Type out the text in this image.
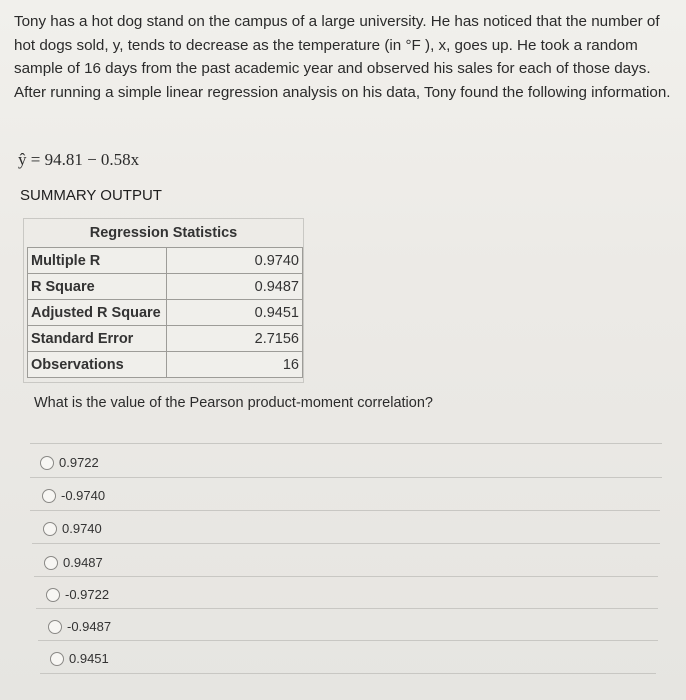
Tony has a hot dog stand on the campus of a large university. He has noticed that the number of hot dogs sold, y, tends to decrease as the temperature (in °F ), x, goes up. He took a random sample of 16 days from the past academic year and observed his sales for each of those days. After running a simple linear regression analysis on his data, Tony found the following information.
ŷ = 94.81 − 0.58x
SUMMARY OUTPUT
Regression Statistics
Multiple R	0.9740
R Square	0.9487
Adjusted R Square	0.9451
Standard Error	2.7156
Observations	16
What is the value of the Pearson product-moment correlation?
0.9722
-0.9740
0.9740
0.9487
-0.9722
-0.9487
0.9451
